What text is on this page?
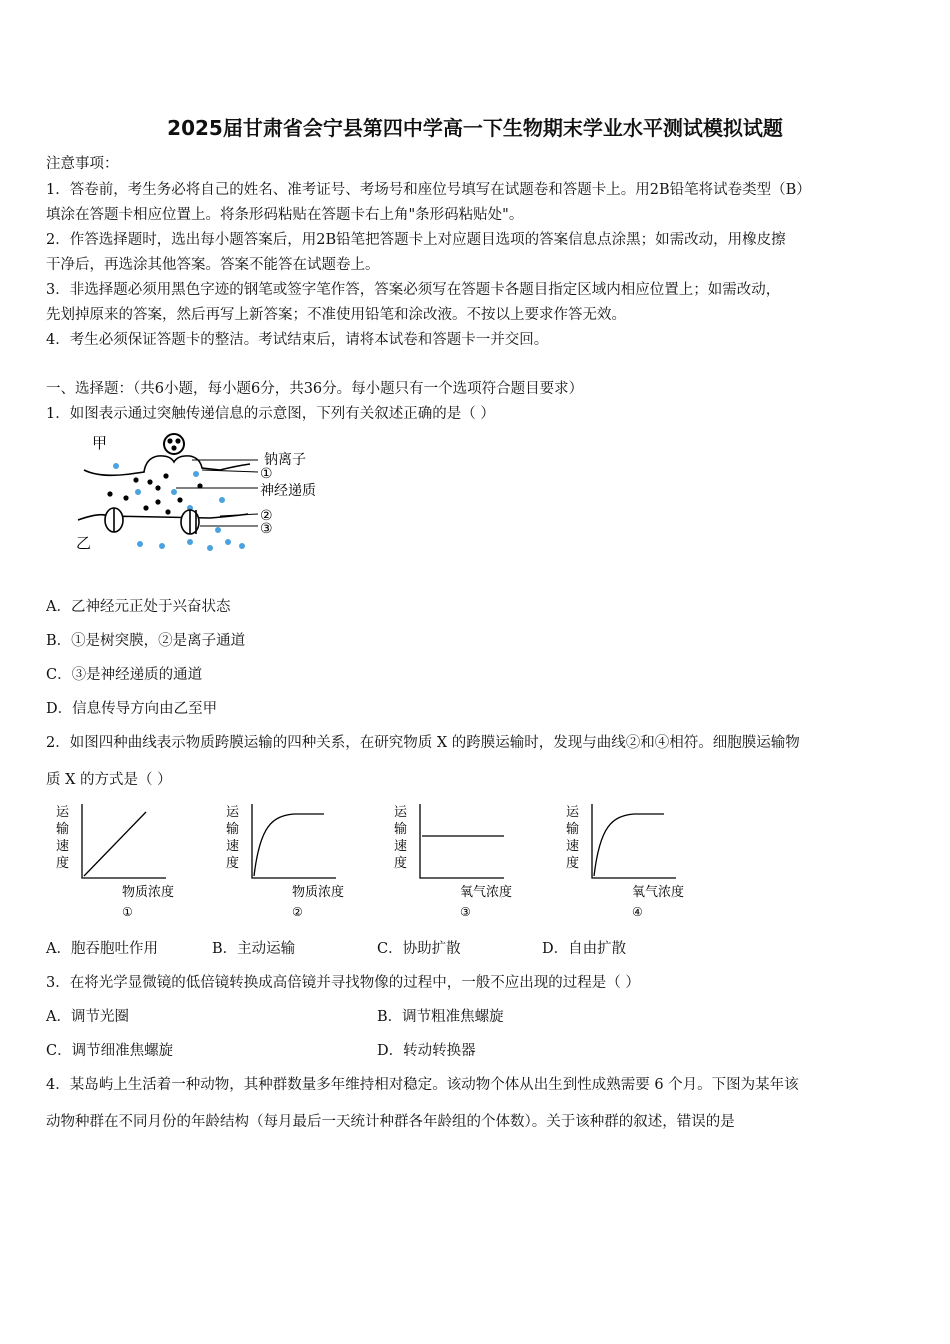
2025届甘肃省会宁县第四中学高一下生物期末学业水平测试模拟试题
注意事项：
1．答卷前，考生务必将自己的姓名、准考证号、考场号和座位号填写在试题卷和答题卡上。用2B铅笔将试卷类型（B）
填涂在答题卡相应位置上。将条形码粘贴在答题卡右上角"条形码粘贴处"。
2．作答选择题时，选出每小题答案后，用2B铅笔把答题卡上对应题目选项的答案信息点涂黑；如需改动，用橡皮擦
干净后，再选涂其他答案。答案不能答在试题卷上。
3．非选择题必须用黑色字迹的钢笔或签字笔作答，答案必须写在答题卡各题目指定区域内相应位置上；如需改动，
先划掉原来的答案，然后再写上新答案；不准使用铅笔和涂改液。不按以上要求作答无效。
4．考生必须保证答题卡的整洁。考试结束后，请将本试卷和答题卡一并交回。
一、选择题：（共6小题，每小题6分，共36分。每小题只有一个选项符合题目要求）
1．如图表示通过突触传递信息的示意图，下列有关叙述正确的是（ ）
甲
钠离子
①
神经递质
②
③
乙
A．乙神经元正处于兴奋状态
B．①是树突膜，②是离子通道
C．③是神经递质的通道
D．信息传导方向由乙至甲
2．如图四种曲线表示物质跨膜运输的四种关系，在研究物质 X 的跨膜运输时，发现与曲线②和④相符。细胞膜运输物
质 X 的方式是（ ）
运输速度
物质浓度
①
运输速度
物质浓度
②
运输速度
氧气浓度
③
运输速度
氧气浓度
④
A．胞吞胞吐作用	B．主动运输	C．协助扩散	D．自由扩散
3．在将光学显微镜的低倍镜转换成高倍镜并寻找物像的过程中，一般不应出现的过程是（ ）
A．调节光圈	B．调节粗准焦螺旋
C．调节细准焦螺旋	D．转动转换器
4．某岛屿上生活着一种动物，其种群数量多年维持相对稳定。该动物个体从出生到性成熟需要 6 个月。下图为某年该
动物种群在不同月份的年龄结构（每月最后一天统计种群各年龄组的个体数）。关于该种群的叙述，错误的是
